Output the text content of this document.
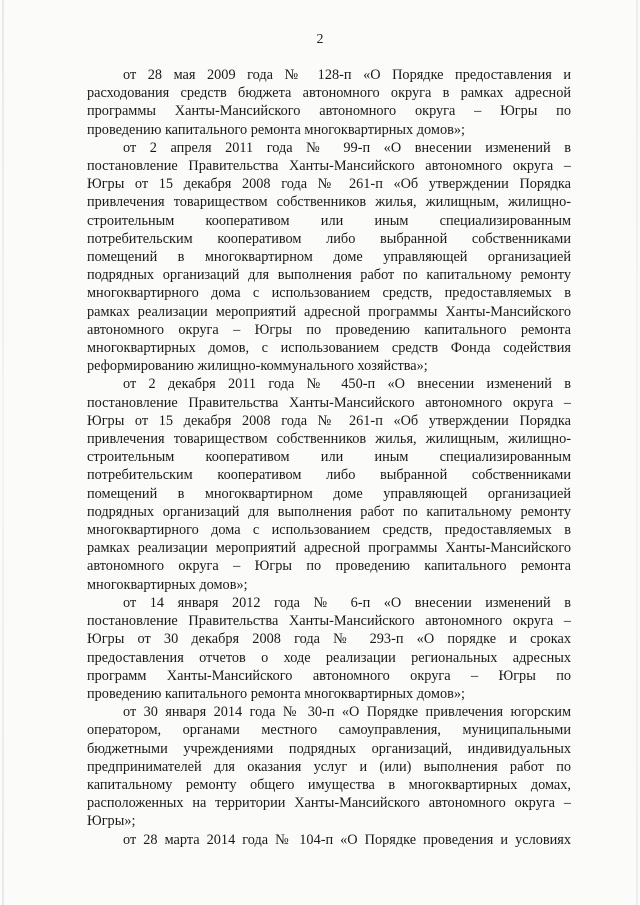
2
от 28 мая 2009 года № 128-п «О Порядке предоставления и
расходования средств бюджета автономного округа в рамках адресной
программы Ханты-Мансийского автономного округа – Югры по
проведению капитального ремонта многоквартирных домов»;
от 2 апреля 2011 года № 99-п «О внесении изменений в
постановление Правительства Ханты-Мансийского автономного округа –
Югры от 15 декабря 2008 года № 261-п «Об утверждении Порядка
привлечения товариществом собственников жилья, жилищным, жилищно-
строительным кооперативом или иным специализированным
потребительским кооперативом либо выбранной собственниками
помещений в многоквартирном доме управляющей организацией
подрядных организаций для выполнения работ по капитальному ремонту
многоквартирного дома с использованием средств, предоставляемых в
рамках реализации мероприятий адресной программы Ханты-Мансийского
автономного округа – Югры по проведению капитального ремонта
многоквартирных домов, с использованием средств Фонда содействия
реформированию жилищно-коммунального хозяйства»;
от 2 декабря 2011 года № 450-п «О внесении изменений в
постановление Правительства Ханты-Мансийского автономного округа –
Югры от 15 декабря 2008 года № 261-п «Об утверждении Порядка
привлечения товариществом собственников жилья, жилищным, жилищно-
строительным кооперативом или иным специализированным
потребительским кооперативом либо выбранной собственниками
помещений в многоквартирном доме управляющей организацией
подрядных организаций для выполнения работ по капитальному ремонту
многоквартирного дома с использованием средств, предоставляемых в
рамках реализации мероприятий адресной программы Ханты-Мансийского
автономного округа – Югры по проведению капитального ремонта
многоквартирных домов»;
от 14 января 2012 года № 6-п «О внесении изменений в
постановление Правительства Ханты-Мансийского автономного округа –
Югры от 30 декабря 2008 года № 293-п «О порядке и сроках
предоставления отчетов о ходе реализации региональных адресных
программ Ханты-Мансийского автономного округа – Югры по
проведению капитального ремонта многоквартирных домов»;
от 30 января 2014 года № 30-п «О Порядке привлечения югорским
оператором, органами местного самоуправления, муниципальными
бюджетными учреждениями подрядных организаций, индивидуальных
предпринимателей для оказания услуг и (или) выполнения работ по
капитальному ремонту общего имущества в многоквартирных домах,
расположенных на территории Ханты-Мансийского автономного округа –
Югры»;
от 28 марта 2014 года № 104-п «О Порядке проведения и условиях
